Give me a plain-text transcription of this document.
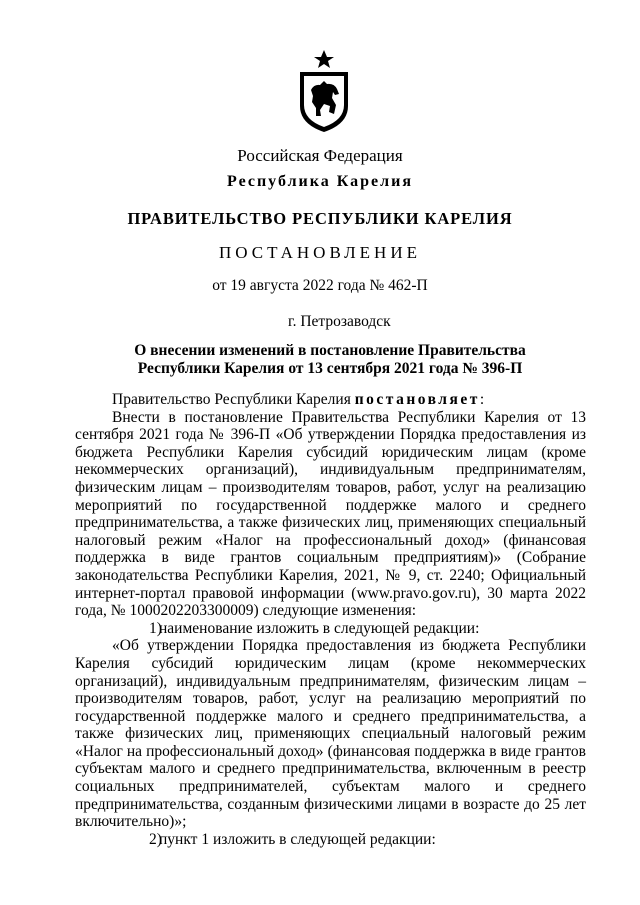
Российская Федерация
Республика Карелия
ПРАВИТЕЛЬСТВО РЕСПУБЛИКИ КАРЕЛИЯ
ПОСТАНОВЛЕНИЕ
от 19 августа 2022 года № 462-П
г. Петрозаводск
О внесении изменений в постановление Правительства
Республики Карелия от 13 сентября 2021 года № 396-П

Правительство Республики Карелия постановляет:

Внести в постановление Правительства Республики Карелия от 13 сентября 2021 года № 396-П «Об утверждении Порядка предоставления из бюджета Республики Карелия субсидий юридическим лицам (кроме некоммерческих организаций), индивидуальным предпринимателям, физическим лицам – производителям товаров, работ, услуг на реализацию мероприятий по государственной поддержке малого и среднего предпринимательства, а также физических лиц, применяющих специальный налоговый режим «Налог на профессиональный доход» (финансовая поддержка в виде грантов социальным предприятиям)» (Собрание законодательства Республики Карелия, 2021, № 9, ст. 2240; Официальный интернет-портал правовой информации (www.pravo.gov.ru), 30 марта 2022 года, № 1000202203300009) следующие изменения:

1)наименование изложить в следующей редакции:

«Об утверждении Порядка предоставления из бюджета Республики Карелия субсидий юридическим лицам (кроме некоммерческих организаций), индивидуальным предпринимателям, физическим лицам – производителям товаров, работ, услуг на реализацию мероприятий по государственной поддержке малого и среднего предпринимательства, а также физических лиц, применяющих специальный налоговый режим «Налог на профессиональный доход» (финансовая поддержка в виде грантов субъектам малого и среднего предпринимательства, включенным в реестр социальных предпринимателей, субъектам малого и среднего предпринимательства, созданным физическими лицами в возрасте до 25 лет включительно)»;

2)пункт 1 изложить в следующей редакции:
